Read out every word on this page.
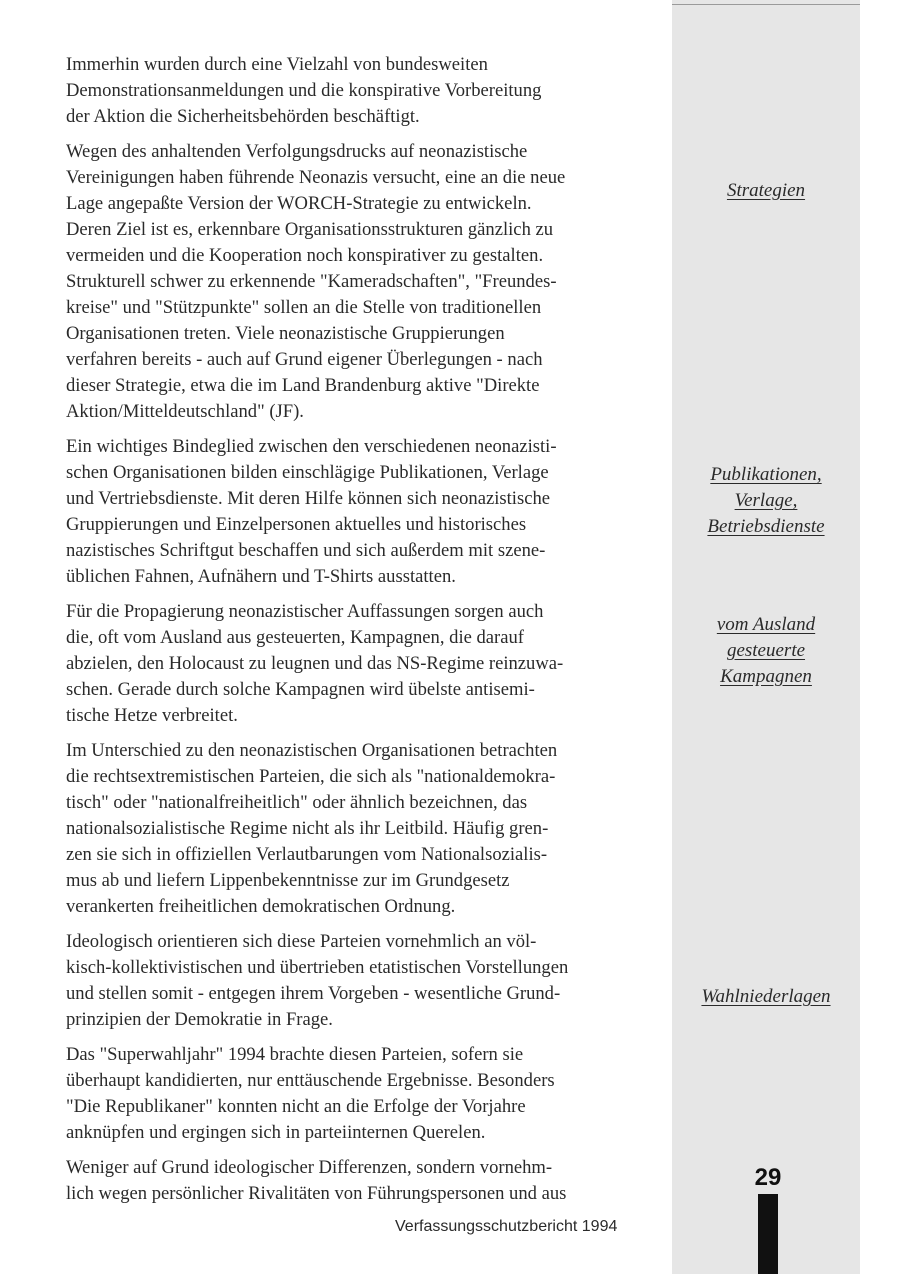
Immerhin wurden durch eine Vielzahl von bundesweiten
Demonstrationsanmeldungen und die konspirative Vorbereitung
der Aktion die Sicherheitsbehörden beschäftigt.

Wegen des anhaltenden Verfolgungsdrucks auf neonazistische
Vereinigungen haben führende Neonazis versucht, eine an die neue
Lage angepaßte Version der WORCH-Strategie zu entwickeln.
Deren Ziel ist es, erkennbare Organisationsstrukturen gänzlich zu
vermeiden und die Kooperation noch konspirativer zu gestalten.
Strukturell schwer zu erkennende "Kameradschaften", "Freundes-
kreise" und "Stützpunkte" sollen an die Stelle von traditionellen
Organisationen treten. Viele neonazistische Gruppierungen
verfahren bereits - auch auf Grund eigener Überlegungen - nach
dieser Strategie, etwa die im Land Brandenburg aktive "Direkte
Aktion/Mitteldeutschland" (JF).

Ein wichtiges Bindeglied zwischen den verschiedenen neonazisti-
schen Organisationen bilden einschlägige Publikationen, Verlage
und Vertriebsdienste. Mit deren Hilfe können sich neonazistische
Gruppierungen und Einzelpersonen aktuelles und historisches
nazistisches Schriftgut beschaffen und sich außerdem mit szene-
üblichen Fahnen, Aufnähern und T-Shirts ausstatten.

Für die Propagierung neonazistischer Auffassungen sorgen auch
die, oft vom Ausland aus gesteuerten, Kampagnen, die darauf
abzielen, den Holocaust zu leugnen und das NS-Regime reinzuwa-
schen. Gerade durch solche Kampagnen wird übelste antisemi-
tische Hetze verbreitet.

Im Unterschied zu den neonazistischen Organisationen betrachten
die rechtsextremistischen Parteien, die sich als "nationaldemokra-
tisch" oder "nationalfreiheitlich" oder ähnlich bezeichnen, das
nationalsozialistische Regime nicht als ihr Leitbild. Häufig gren-
zen sie sich in offiziellen Verlautbarungen vom Nationalsozialis-
mus ab und liefern Lippenbekenntnisse zur im Grundgesetz
verankerten freiheitlichen demokratischen Ordnung.

Ideologisch orientieren sich diese Parteien vornehmlich an völ-
kisch-kollektivistischen und übertrieben etatistischen Vorstellungen
und stellen somit - entgegen ihrem Vorgeben - wesentliche Grund-
prinzipien der Demokratie in Frage.

Das "Superwahljahr" 1994 brachte diesen Parteien, sofern sie
überhaupt kandidierten, nur enttäuschende Ergebnisse. Besonders
"Die Republikaner" konnten nicht an die Erfolge der Vorjahre
anknüpfen und ergingen sich in parteiinternen Querelen.

Weniger auf Grund ideologischer Differenzen, sondern vornehm-
lich wegen persönlicher Rivalitäten von Führungspersonen und aus

Strategien
Publikationen,
Verlage,
Betriebsdienste
vom Ausland
gesteuerte
Kampagnen
Wahlniederlagen
29
Verfassungsschutzbericht 1994
